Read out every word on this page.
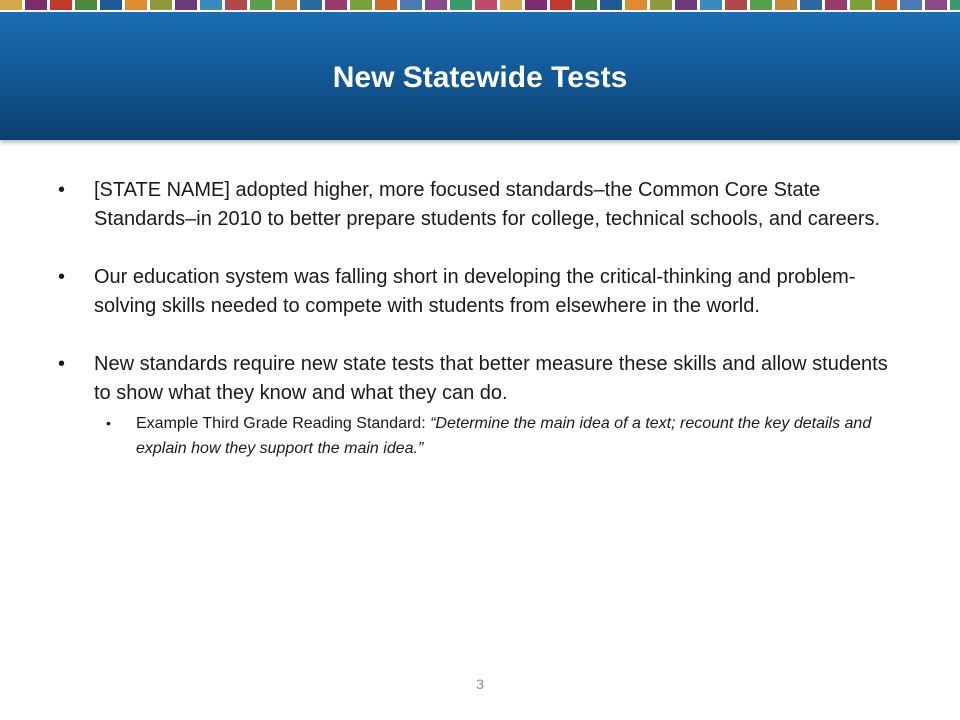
New Statewide Tests
• [STATE NAME] adopted higher, more focused standards–the Common Core State Standards–in 2010 to better prepare students for college, technical schools, and careers.
• Our education system was falling short in developing the critical-thinking and problem-solving skills needed to compete with students from elsewhere in the world.
• New standards require new state tests that better measure these skills and allow students to show what they know and what they can do.
• Example Third Grade Reading Standard: “Determine the main idea of a text; recount the key details and explain how they support the main idea.”
3
